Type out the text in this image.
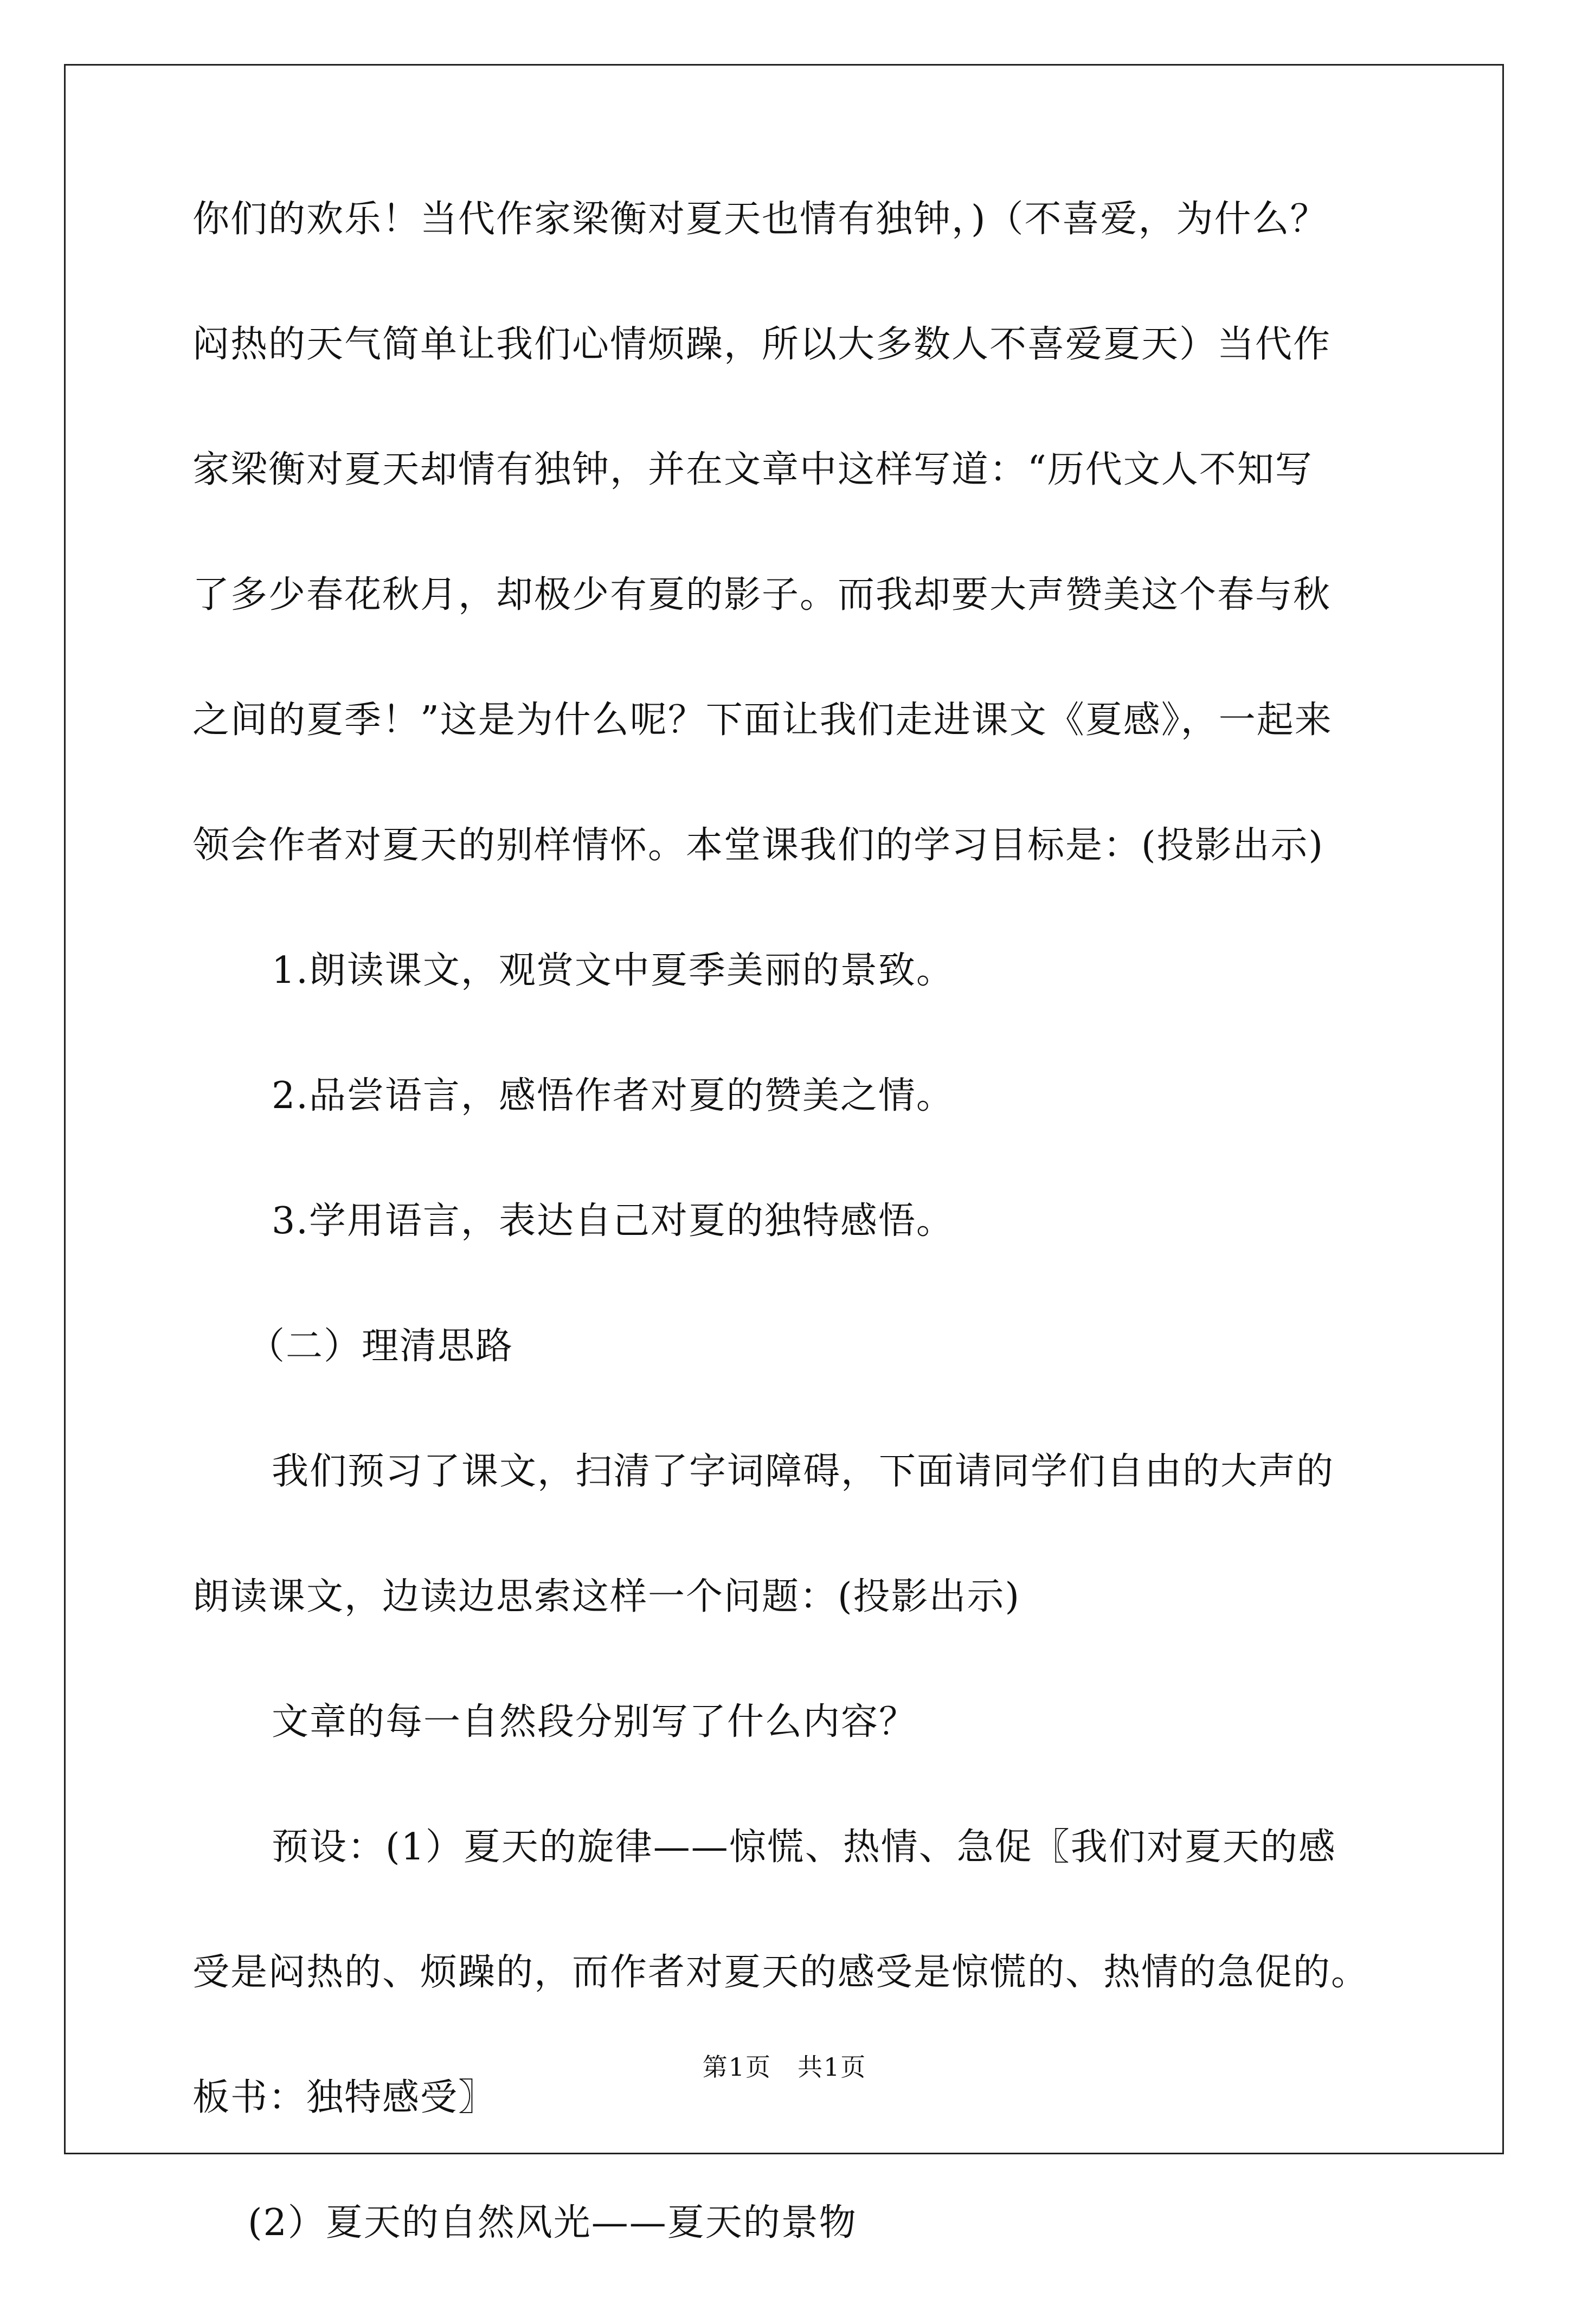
你们的欢乐！当代作家梁衡对夏天也情有独钟，)（不喜爱，为什么？

闷热的天气简单让我们心情烦躁，所以大多数人不喜爱夏天）当代作

家梁衡对夏天却情有独钟，并在文章中这样写道：“历代文人不知写

了多少春花秋月，却极少有夏的影子。而我却要大声赞美这个春与秋

之间的夏季！”这是为什么呢？下面让我们走进课文《夏感》，一起来

领会作者对夏天的别样情怀。本堂课我们的学习目标是：(投影出示)

1.朗读课文，观赏文中夏季美丽的景致。

2.品尝语言，感悟作者对夏的赞美之情。

3.学用语言，表达自己对夏的独特感悟。

（二）理清思路

我们预习了课文，扫清了字词障碍，下面请同学们自由的大声的

朗读课文，边读边思索这样一个问题：(投影出示)

文章的每一自然段分别写了什么内容？

预设：(1）夏天的旋律——惊慌、热情、急促〖我们对夏天的感

受是闷热的、烦躁的，而作者对夏天的感受是惊慌的、热情的急促的。

板书：独特感受〗

(2）夏天的自然风光——夏天的景物

第1页　共1页
